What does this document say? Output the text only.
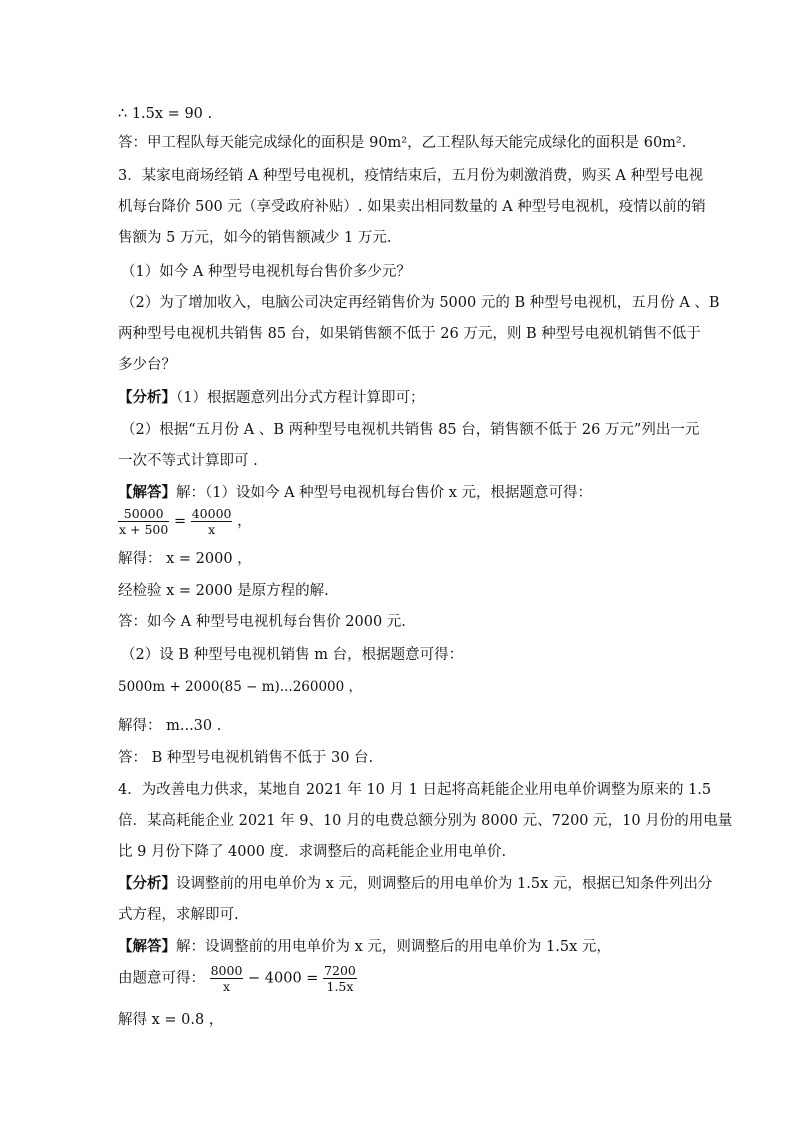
∴ 1.5x = 90 .
答：甲工程队每天能完成绿化的面积是 90m²，乙工程队每天能完成绿化的面积是 60m².
3．某家电商场经销 A 种型号电视机，疫情结束后，五月份为刺激消费，购买 A 种型号电视
机每台降价 500 元（享受政府补贴）. 如果卖出相同数量的 A 种型号电视机，疫情以前的销
售额为 5 万元，如今的销售额减少 1 万元.
（1）如今 A 种型号电视机每台售价多少元？
（2）为了增加收入，电脑公司决定再经销售价为 5000 元的 B 种型号电视机，五月份 A 、B
两种型号电视机共销售 85 台，如果销售额不低于 26 万元，则 B 种型号电视机销售不低于
多少台？
【分析】（1）根据题意列出分式方程计算即可；
（2）根据“五月份 A 、B 两种型号电视机共销售 85 台，销售额不低于 26 万元”列出一元
一次不等式计算即可 .
【解答】解：（1）设如今 A 种型号电视机每台售价 x 元，根据题意可得：
$\frac{50000}{x + 500} = \frac{40000}{x}$ ，
解得： x = 2000 ，
经检验 x = 2000 是原方程的解.
答：如今 A 种型号电视机每台售价 2000 元.
（2）设 B 种型号电视机销售 m 台，根据题意可得：
5000m + 2000(85 − m)...260000 ，
解得： m...30 .
答： B 种型号电视机销售不低于 30 台.
4．为改善电力供求，某地自 2021 年 10 月 1 日起将高耗能企业用电单价调整为原来的 1.5
倍．某高耗能企业 2021 年 9、10 月的电费总额分别为 8000 元、7200 元，10 月份的用电量
比 9 月份下降了 4000 度．求调整后的高耗能企业用电单价.
【分析】设调整前的用电单价为 x 元，则调整后的用电单价为 1.5x 元，根据已知条件列出分
式方程，求解即可.
【解答】解：设调整前的用电单价为 x 元，则调整后的用电单价为 1.5x 元，
由题意可得： $\frac{8000}{x} - 4000 = \frac{7200}{1.5x}$
解得 x = 0.8 ，
